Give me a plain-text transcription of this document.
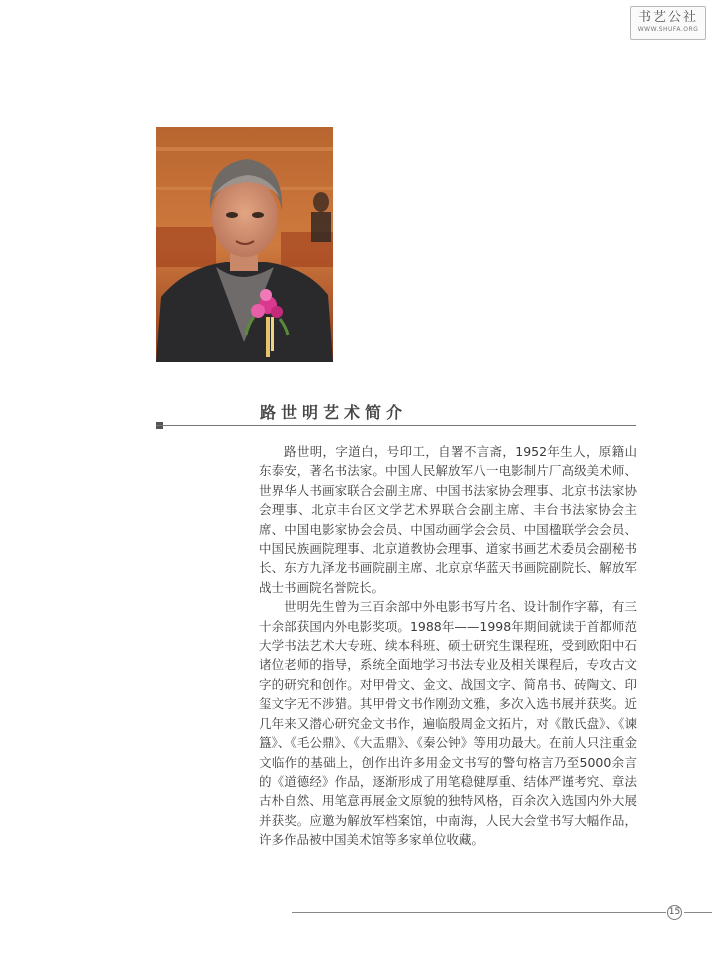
书艺公社
WWW.SHUFA.ORG
路世明艺术简介

路世明，字道白，号印工，自署不言斋，1952年生人，原籍山东泰安，著名书法家。中国人民解放军八一电影制片厂高级美术师、世界华人书画家联合会副主席、中国书法家协会理事、北京书法家协会理事、北京丰台区文学艺术界联合会副主席、丰台书法家协会主席、中国电影家协会会员、中国动画学会会员、中国楹联学会会员、中国民族画院理事、北京道教协会理事、道家书画艺术委员会副秘书长、东方九泽龙书画院副主席、北京京华蓝天书画院副院长、解放军战士书画院名誉院长。

世明先生曾为三百余部中外电影书写片名、设计制作字幕，有三十余部获国内外电影奖项。1988年——1998年期间就读于首都师范大学书法艺术大专班、续本科班、硕士研究生课程班，受到欧阳中石诸位老师的指导，系统全面地学习书法专业及相关课程后，专攻古文字的研究和创作。对甲骨文、金文、战国文字、简帛书、砖陶文、印玺文字无不涉猎。其甲骨文书作刚劲文雅，多次入选书展并获奖。近几年来又潜心研究金文书作，遍临殷周金文拓片，对《散氏盘》、《谏簋》、《毛公鼎》、《大盂鼎》、《秦公钟》等用功最大。在前人只注重金文临作的基础上，创作出许多用金文书写的警句格言乃至5000余言的《道德经》作品，逐渐形成了用笔稳健厚重、结体严谨考究、章法古朴自然、用笔意再展金文原貌的独特风格，百余次入选国内外大展并获奖。应邀为解放军档案馆，中南海，人民大会堂书写大幅作品，许多作品被中国美术馆等多家单位收藏。

15
